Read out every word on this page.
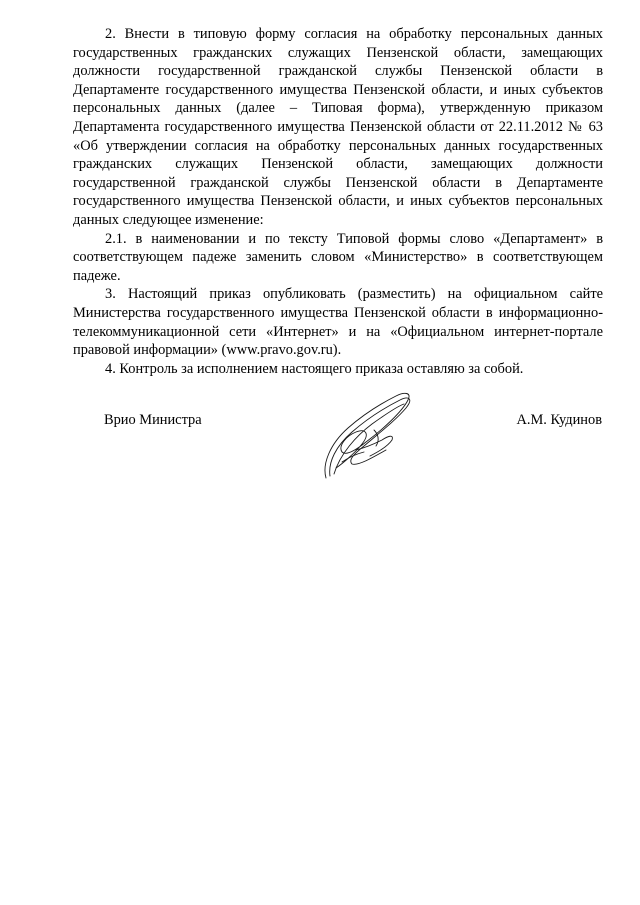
2. Внести в типовую форму согласия на обработку персональных данных государственных гражданских служащих Пензенской области, замещающих должности государственной гражданской службы Пензенской области в Департаменте государственного имущества Пензенской области, и иных субъектов персональных данных (далее – Типовая форма), утвержденную приказом Департамента государственного имущества Пензенской области от 22.11.2012 № 63 «Об утверждении согласия на обработку персональных данных государственных гражданских служащих Пензенской области, замещающих должности государственной гражданской службы Пензенской области в Департаменте государственного имущества Пензенской области, и иных субъектов персональных данных следующее изменение:

2.1. в наименовании и по тексту Типовой формы слово «Департамент» в соответствующем падеже заменить словом «Министерство» в соответствующем падеже.

3. Настоящий приказ опубликовать (разместить) на официальном сайте Министерства государственного имущества Пензенской области в информационно-телекоммуникационной сети «Интернет» и на «Официальном интернет-портале правовой информации» (www.pravo.gov.ru).

4. Контроль за исполнением настоящего приказа оставляю за собой.

Врио Министра	А.М. Кудинов
